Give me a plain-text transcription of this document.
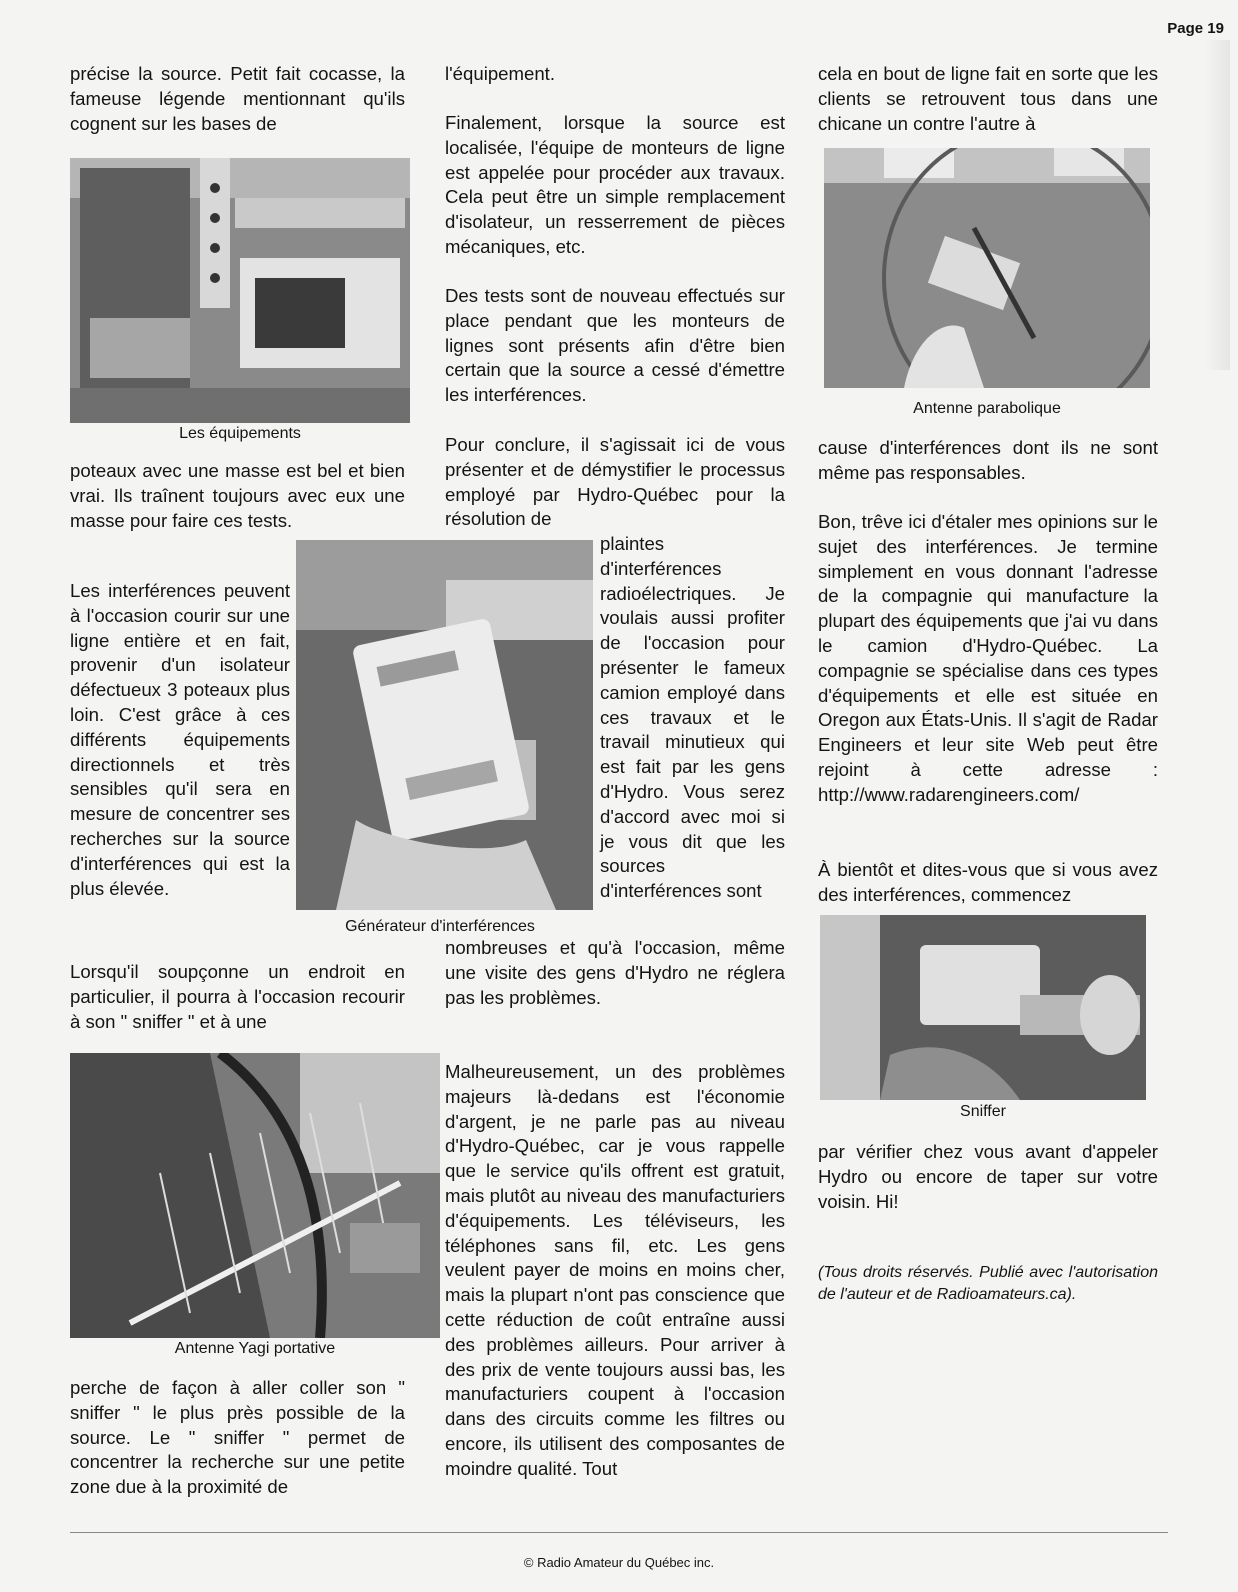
Page 19

précise la source. Petit fait cocasse, la fameuse légende mentionnant qu'ils cognent sur les bases de

Les équipements

poteaux avec une masse est bel et bien vrai. Ils traînent toujours avec eux une masse pour faire ces tests.

Les interférences peuvent à l'occasion courir sur une ligne entière et en fait, provenir d'un isolateur défectueux 3 poteaux plus loin. C'est grâce à ces différents équipements directionnels et très sensibles qu'il sera en mesure de concentrer ses recherches sur la source d'interférences qui est la plus élevée.

Lorsqu'il soupçonne un endroit en particulier, il pourra à l'occasion recourir à son " sniffer " et à une

Antenne Yagi portative

perche de façon à aller coller son " sniffer " le plus près possible de la source. Le " sniffer " permet de concentrer la recherche sur une petite zone due à la proximité de

l'équipement.

Finalement, lorsque la source est localisée, l'équipe de monteurs de ligne est appelée pour procéder aux travaux. Cela peut être un simple remplacement d'isolateur, un resserrement de pièces mécaniques, etc.

Des tests sont de nouveau effectués sur place pendant que les monteurs de lignes sont présents afin d'être bien certain que la source a cessé d'émettre les interférences.

Pour conclure, il s'agissait ici de vous présenter et de démystifier le processus employé par Hydro-Québec pour la résolution de

Générateur d'interférences

plaintes d'interférences radioélectriques. Je voulais aussi profiter de l'occasion pour présenter le fameux camion employé dans ces travaux et le travail minutieux qui est fait par les gens d'Hydro. Vous serez d'accord avec moi si je vous dit que les sources d'interférences sont

nombreuses et qu'à l'occasion, même une visite des gens d'Hydro ne réglera pas les problèmes.

Malheureusement, un des problèmes majeurs là-dedans est l'économie d'argent, je ne parle pas au niveau d'Hydro-Québec, car je vous rappelle que le service qu'ils offrent est gratuit, mais plutôt au niveau des manufacturiers d'équipements. Les téléviseurs, les téléphones sans fil, etc. Les gens veulent payer de moins en moins cher, mais la plupart n'ont pas conscience que cette réduction de coût entraîne aussi des problèmes ailleurs. Pour arriver à des prix de vente toujours aussi bas, les manufacturiers coupent à l'occasion dans des circuits comme les filtres ou encore, ils utilisent des composantes de moindre qualité. Tout

cela en bout de ligne fait en sorte que les clients se retrouvent tous dans une chicane un contre l'autre à

Antenne parabolique

cause d'interférences dont ils ne sont même pas responsables.

Bon, trêve ici d'étaler mes opinions sur le sujet des interférences. Je termine simplement en vous donnant l'adresse de la compagnie qui manufacture la plupart des équipements que j'ai vu dans le camion d'Hydro-Québec. La compagnie se spécialise dans ces types d'équipements et elle est située en Oregon aux États-Unis. Il s'agit de Radar Engineers et leur site Web peut être rejoint à cette adresse : http://www.radarengineers.com/

À bientôt et dites-vous que si vous avez des interférences, commencez

Sniffer

par vérifier chez vous avant d'appeler Hydro ou encore de taper sur votre voisin. Hi!

(Tous droits réservés. Publié avec l'autorisation de l'auteur et de Radioamateurs.ca).

© Radio Amateur du Québec inc.
